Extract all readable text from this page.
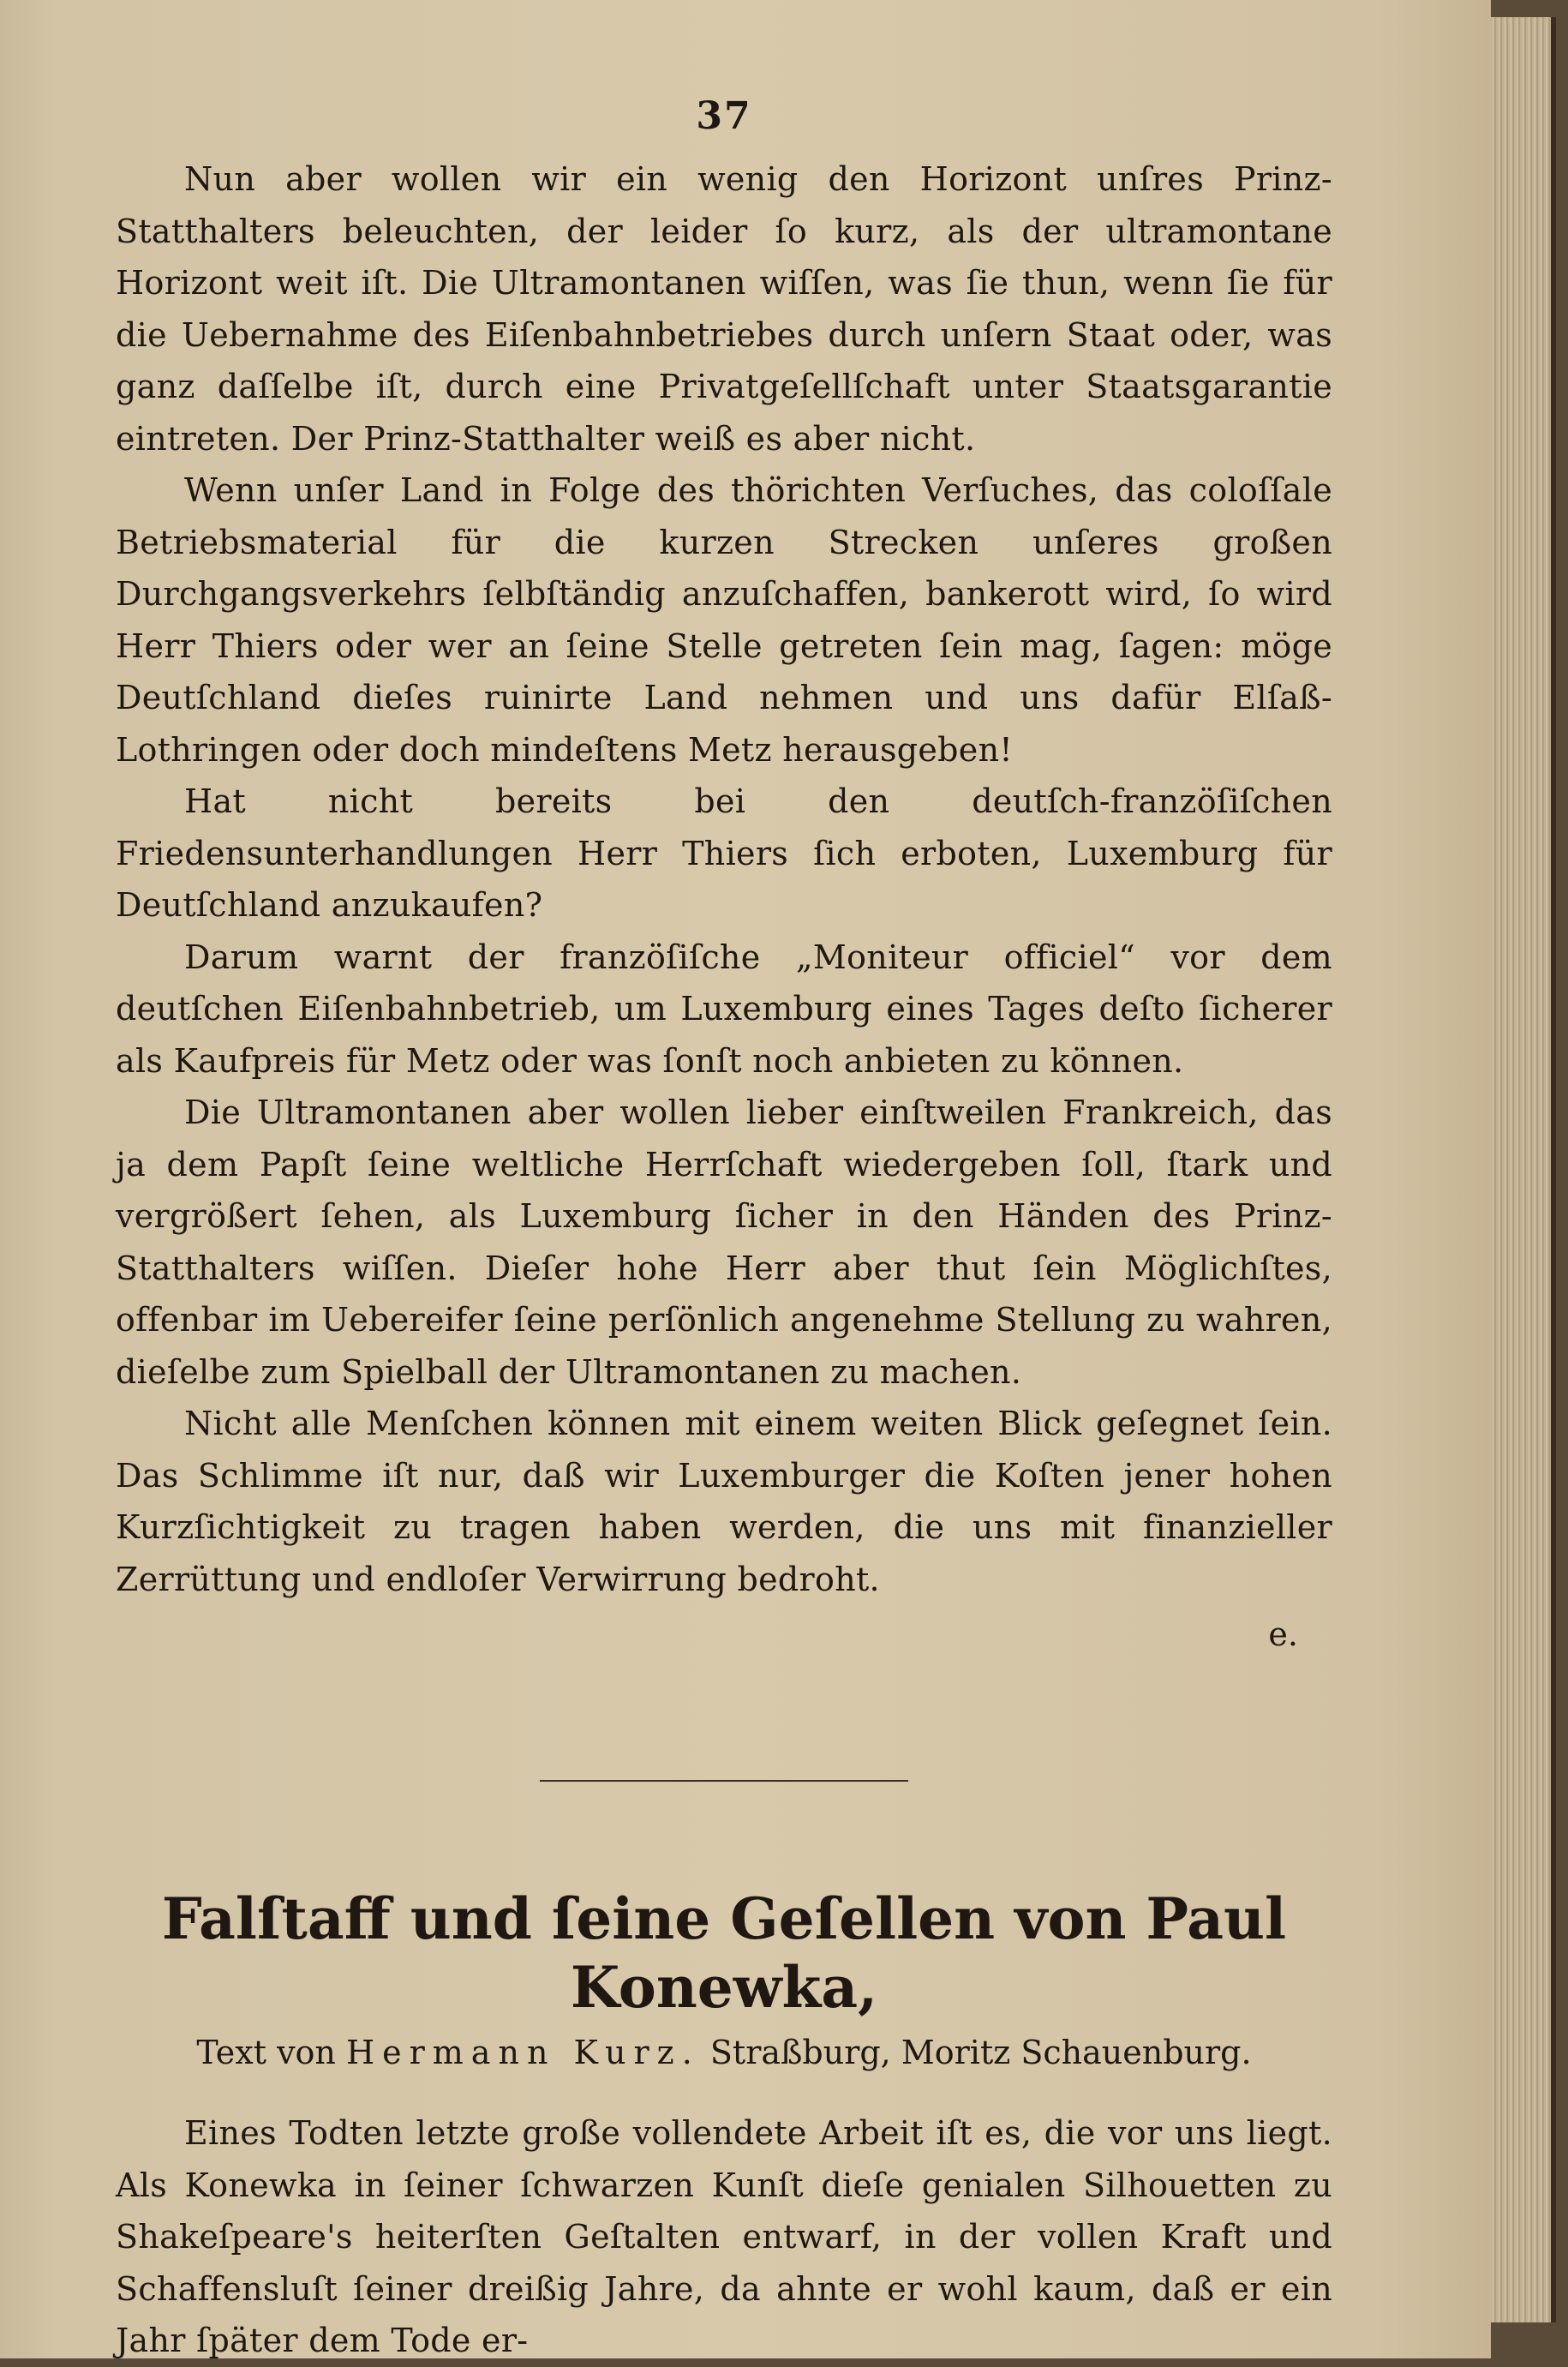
37

Nun aber wollen wir ein wenig den Horizont unſres Prinz-Statthalters beleuchten, der leider ſo kurz, als der ultramontane Horizont weit iſt. Die Ultramontanen wiſſen, was ſie thun, wenn ſie für die Uebernahme des Eiſenbahnbetriebes durch unſern Staat oder, was ganz daſſelbe iſt, durch eine Privatgeſellſchaft unter Staatsgarantie eintreten. Der Prinz-Statthalter weiß es aber nicht.

Wenn unſer Land in Folge des thörichten Verſuches, das coloſſale Betriebsmaterial für die kurzen Strecken unſeres großen Durchgangsverkehrs ſelbſtändig anzuſchaffen, bankerott wird, ſo wird Herr Thiers oder wer an ſeine Stelle getreten ſein mag, ſagen: möge Deutſchland dieſes ruinirte Land nehmen und uns dafür Elſaß-Lothringen oder doch mindeſtens Metz herausgeben!

Hat nicht bereits bei den deutſch-franzöſiſchen Friedensunterhandlungen Herr Thiers ſich erboten, Luxemburg für Deutſchland anzukaufen?

Darum warnt der franzöſiſche „Moniteur officiel“ vor dem deutſchen Eiſenbahnbetrieb, um Luxemburg eines Tages deſto ſicherer als Kaufpreis für Metz oder was ſonſt noch anbieten zu können.

Die Ultramontanen aber wollen lieber einſtweilen Frankreich, das ja dem Papſt ſeine weltliche Herrſchaft wiedergeben ſoll, ſtark und vergrößert ſehen, als Luxemburg ſicher in den Händen des Prinz-Statthalters wiſſen. Dieſer hohe Herr aber thut ſein Möglichſtes, offenbar im Uebereifer ſeine perſönlich angenehme Stellung zu wahren, dieſelbe zum Spielball der Ultramontanen zu machen.

Nicht alle Menſchen können mit einem weiten Blick geſegnet ſein. Das Schlimme iſt nur, daß wir Luxemburger die Koſten jener hohen Kurzſichtigkeit zu tragen haben werden, die uns mit finanzieller Zerrüttung und endloſer Verwirrung bedroht.

e.
Falſtaff und ſeine Geſellen von Paul Konewka,
Text von Hermann Kurz. Straßburg, Moritz Schauenburg.

Eines Todten letzte große vollendete Arbeit iſt es, die vor uns liegt. Als Konewka in ſeiner ſchwarzen Kunſt dieſe genialen Silhouetten zu Shakeſpeare's heiterſten Geſtalten entwarf, in der vollen Kraft und Schaffensluſt ſeiner dreißig Jahre, da ahnte er wohl kaum, daß er ein Jahr ſpäter dem Tode er-
